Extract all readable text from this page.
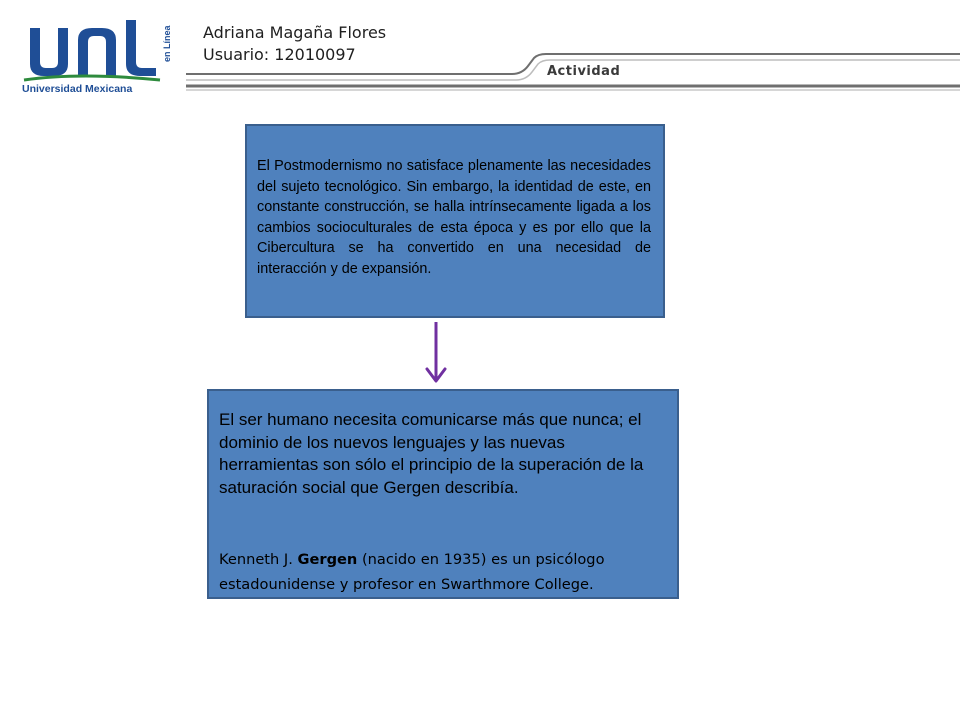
en Línea
Universidad Mexicana
Adriana Magaña Flores
Usuario: 12010097
Actividad

El Postmodernismo no satisface plenamente las necesidades del sujeto tecnológico. Sin embargo, la identidad de este, en constante construcción, se halla intrínsecamente ligada a los cambios socioculturales de esta época y es por ello que la Cibercultura se ha convertido en una necesidad de interacción y de expansión.

El ser humano necesita comunicarse más que nunca; el dominio de los nuevos lenguajes y las nuevas herramientas son sólo el principio de la superación de la saturación social que Gergen describía.

Kenneth J. Gergen (nacido en 1935) es un psicólogo estadounidense y profesor en Swarthmore College.
